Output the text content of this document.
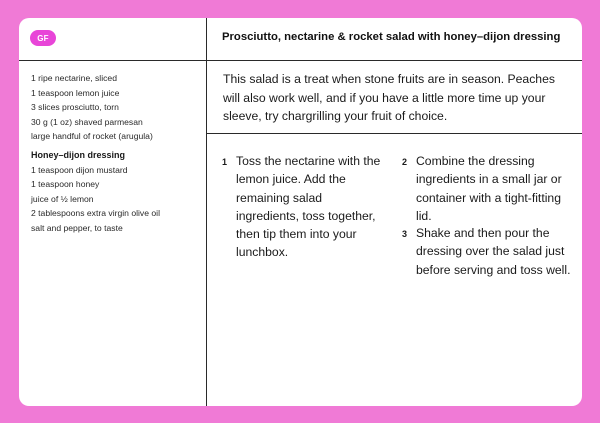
GF	Prosciutto, nectarine & rocket salad with honey–dijon dressing
1 ripe nectarine, sliced
1 teaspoon lemon juice
3 slices prosciutto, torn
30 g (1 oz) shaved parmesan
large handful of rocket (arugula)
Honey–dijon dressing
1 teaspoon dijon mustard
1 teaspoon honey
juice of ½ lemon
2 tablespoons extra virgin olive oil
salt and pepper, to taste

This salad is a treat when stone fruits are in season. Peaches will also work well, and if you have a little more time up your sleeve, try chargrilling your fruit of choice.

1 Toss the nectarine with the lemon juice. Add the remaining salad ingredients, toss together, then tip them into your lunchbox.
2 Combine the dressing ingredients in a small jar or container with a tight-fitting lid.
3 Shake and then pour the dressing over the salad just before serving and toss well.
